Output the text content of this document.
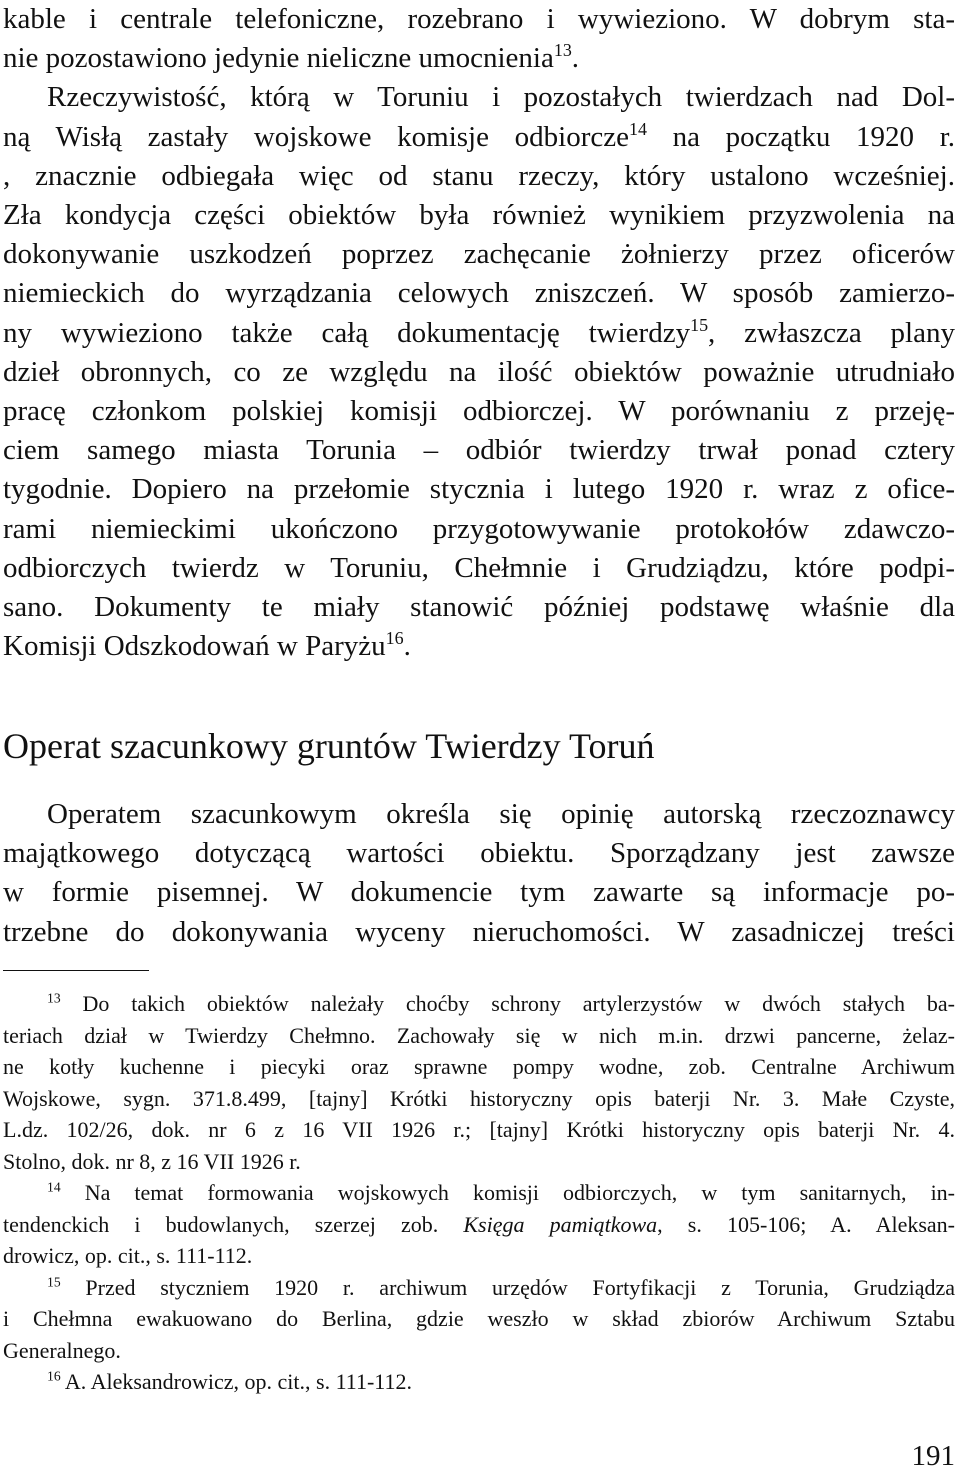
kable i centrale telefoniczne, rozebrano i wywieziono. W dobrym sta-
nie pozostawiono jedynie nieliczne umocnienia$^{13}$.
Rzeczywistość, którą w Toruniu i pozostałych twierdzach nad Dol-
ną Wisłą zastały wojskowe komisje odbiorcze$^{14}$ na początku 1920 r.
, znacznie odbiegała więc od stanu rzeczy, który ustalono wcześniej.
Zła kondycja części obiektów była również wynikiem przyzwolenia na
dokonywanie uszkodzeń poprzez zachęcanie żołnierzy przez oficerów
niemieckich do wyrządzania celowych zniszczeń. W sposób zamierzo-
ny wywieziono także całą dokumentację twierdzy$^{15}$, zwłaszcza plany
dzieł obronnych, co ze względu na ilość obiektów poważnie utrudniało
pracę członkom polskiej komisji odbiorczej. W porównaniu z przeję-
ciem samego miasta Torunia – odbiór twierdzy trwał ponad cztery
tygodnie. Dopiero na przełomie stycznia i lutego 1920 r. wraz z ofice-
rami niemieckimi ukończono przygotowywanie protokołów zdawczo-
odbiorczych twierdz w Toruniu, Chełmnie i Grudziądzu, które podpi-
sano. Dokumenty te miały stanowić później podstawę właśnie dla
Komisji Odszkodowań w Paryżu$^{16}$.
Operat szacunkowy gruntów Twierdzy Toruń
Operatem szacunkowym określa się opinię autorską rzeczoznawcy
majątkowego dotyczącą wartości obiektu. Sporządzany jest zawsze
w formie pisemnej. W dokumencie tym zawarte są informacje po-
trzebne do dokonywania wyceny nieruchomości. W zasadniczej treści
$^{13}$ Do takich obiektów należały choćby schrony artylerzystów w dwóch stałych ba-
teriach dział w Twierdzy Chełmno. Zachowały się w nich m.in. drzwi pancerne, żelaz-
ne kotły kuchenne i piecyki oraz sprawne pompy wodne, zob. Centralne Archiwum
Wojskowe, sygn. 371.8.499, [tajny] Krótki historyczny opis baterji Nr. 3. Małe Czyste,
L.dz. 102/26, dok. nr 6 z 16 VII 1926 r.; [tajny] Krótki historyczny opis baterji Nr. 4.
Stolno, dok. nr 8, z 16 VII 1926 r.
$^{14}$ Na temat formowania wojskowych komisji odbiorczych, w tym sanitarnych, in-
tendenckich i budowlanych, szerzej zob. Księga pamiątkowa, s. 105-106; A. Aleksan-
drowicz, op. cit., s. 111-112.
$^{15}$ Przed styczniem 1920 r. archiwum urzędów Fortyfikacji z Torunia, Grudziądza
i Chełmna ewakuowano do Berlina, gdzie weszło w skład zbiorów Archiwum Sztabu
Generalnego.
$^{16}$ A. Aleksandrowicz, op. cit., s. 111-112.
191
